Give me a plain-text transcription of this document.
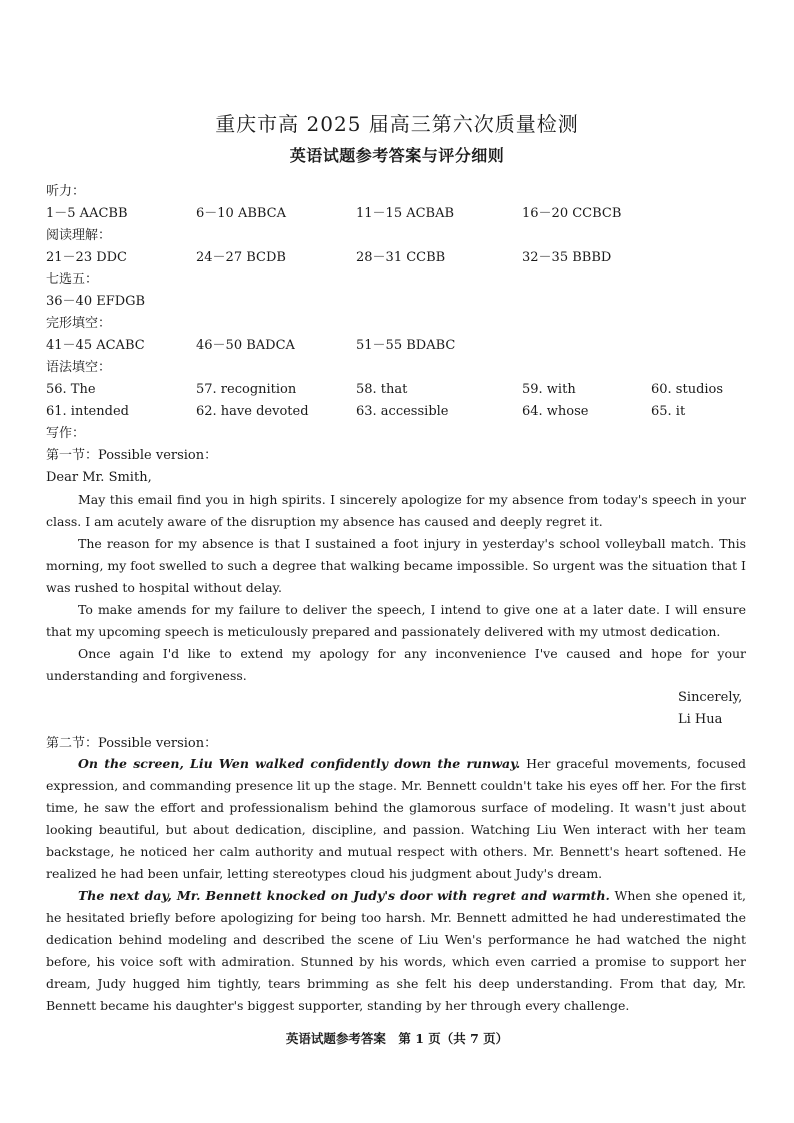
重庆市高 2025 届高三第六次质量检测
英语试题参考答案与评分细则
听力：
1－5 AACBB	6－10 ABBCA	11－15 ACBAB	16－20 CCBCB
阅读理解：
21－23 DDC	24－27 BCDB	28－31 CCBB	32－35 BBBD
七选五：
36－40 EFDGB
完形填空：
41－45 ACABC	46－50 BADCA	51－55 BDABC
语法填空：
56. The	57. recognition	58. that	59. with	60. studios
61. intended	62. have devoted	63. accessible	64. whose	65. it
写作：
第一节：Possible version：
Dear Mr. Smith,
May this email find you in high spirits. I sincerely apologize for my absence from today's speech in your class. I am acutely aware of the disruption my absence has caused and deeply regret it.
The reason for my absence is that I sustained a foot injury in yesterday's school volleyball match. This morning, my foot swelled to such a degree that walking became impossible. So urgent was the situation that I was rushed to hospital without delay.
To make amends for my failure to deliver the speech, I intend to give one at a later date. I will ensure that my upcoming speech is meticulously prepared and passionately delivered with my utmost dedication.
Once again I'd like to extend my apology for any inconvenience I've caused and hope for your understanding and forgiveness.
Sincerely,
Li Hua
第二节：Possible version：
On the screen, Liu Wen walked confidently down the runway. Her graceful movements, focused expression, and commanding presence lit up the stage. Mr. Bennett couldn't take his eyes off her. For the first time, he saw the effort and professionalism behind the glamorous surface of modeling. It wasn't just about looking beautiful, but about dedication, discipline, and passion. Watching Liu Wen interact with her team backstage, he noticed her calm authority and mutual respect with others. Mr. Bennett's heart softened. He realized he had been unfair, letting stereotypes cloud his judgment about Judy's dream.
The next day, Mr. Bennett knocked on Judy's door with regret and warmth. When she opened it, he hesitated briefly before apologizing for being too harsh. Mr. Bennett admitted he had underestimated the dedication behind modeling and described the scene of Liu Wen's performance he had watched the night before, his voice soft with admiration. Stunned by his words, which even carried a promise to support her dream, Judy hugged him tightly, tears brimming as she felt his deep understanding. From that day, Mr. Bennett became his daughter's biggest supporter, standing by her through every challenge.
英语试题参考答案　第 1 页（共 7 页）
